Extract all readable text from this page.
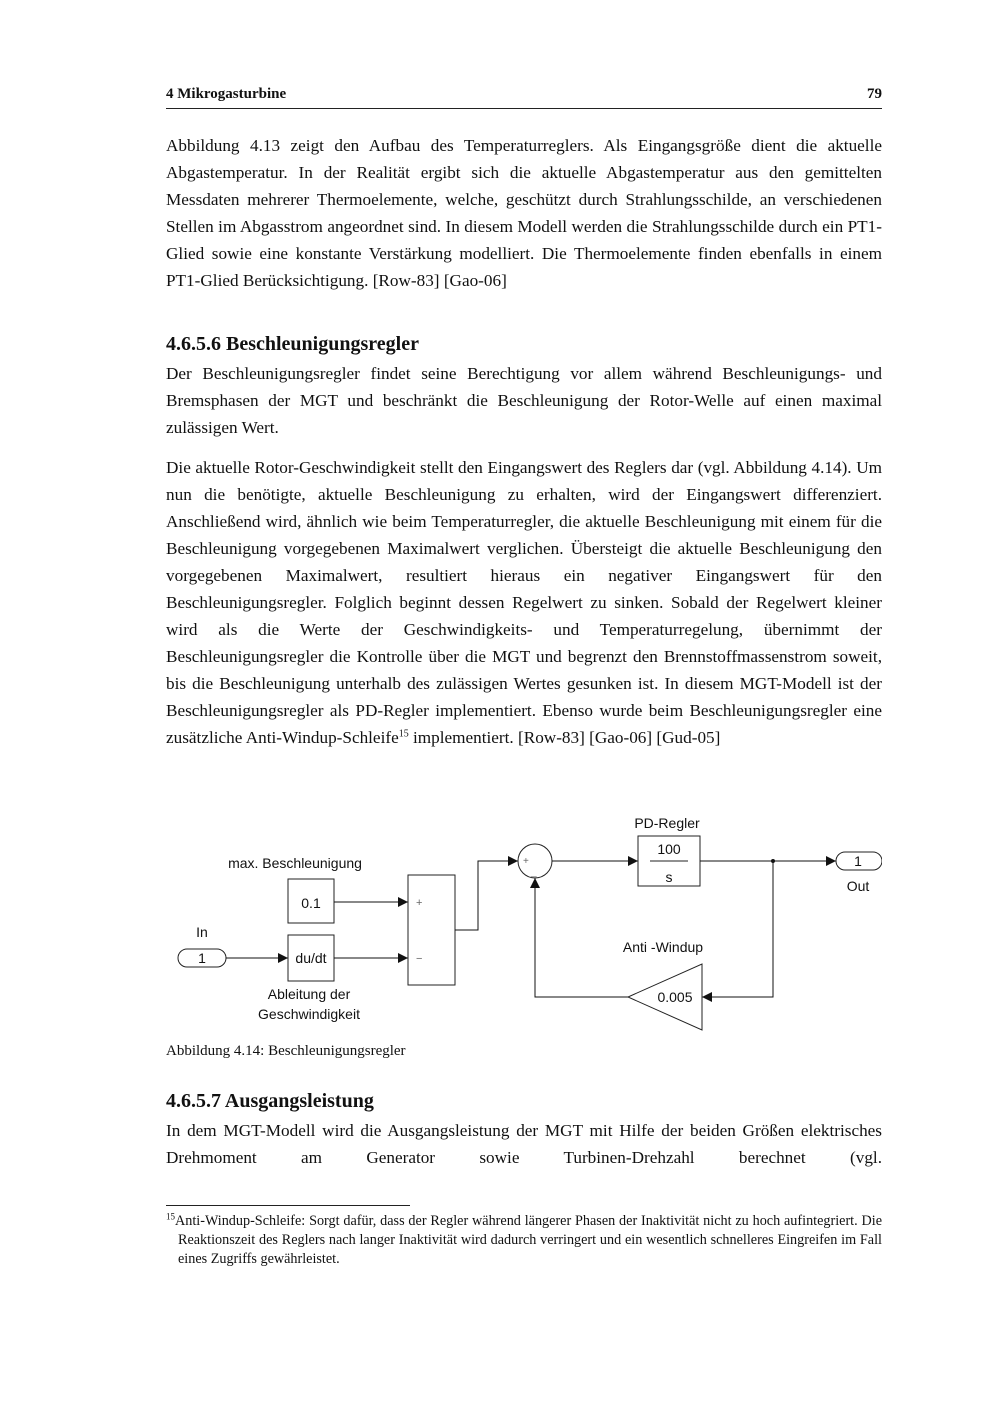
4 Mikrogasturbine	79

Abbildung 4.13 zeigt den Aufbau des Temperaturreglers. Als Eingangsgröße dient die aktuelle Abgastemperatur. In der Realität ergibt sich die aktuelle Abgastemperatur aus den gemittelten Messdaten mehrerer Thermoelemente, welche, geschützt durch Strahlungsschilde, an verschiedenen Stellen im Abgasstrom angeordnet sind. In diesem Modell werden die Strahlungsschilde durch ein PT1-Glied sowie eine konstante Verstärkung modelliert. Die Thermoelemente finden ebenfalls in einem PT1-Glied Berücksichtigung. [Row-83] [Gao-06]

4.6.5.6 Beschleunigungsregler

Der Beschleunigungsregler findet seine Berechtigung vor allem während Beschleunigungs- und Bremsphasen der MGT und beschränkt die Beschleunigung der Rotor-Welle auf einen maximal zulässigen Wert.

Die aktuelle Rotor-Geschwindigkeit stellt den Eingangswert des Reglers dar (vgl. Abbildung 4.14). Um nun die benötigte, aktuelle Beschleunigung zu erhalten, wird der Eingangswert differenziert. Anschließend wird, ähnlich wie beim Temperaturregler, die aktuelle Beschleunigung mit einem für die Beschleunigung vorgegebenen Maximalwert verglichen. Übersteigt die aktuelle Beschleunigung den vorgegebenen Maximalwert, resultiert hieraus ein negativer Eingangswert für den Beschleunigungsregler. Folglich beginnt dessen Regelwert zu sinken. Sobald der Regelwert kleiner wird als die Werte der Geschwindigkeits- und Temperaturregelung, übernimmt der Beschleunigungsregler die Kontrolle über die MGT und begrenzt den Brennstoffmassenstrom soweit, bis die Beschleunigung unterhalb des zulässigen Wertes gesunken ist. In diesem MGT-Modell ist der Beschleunigungsregler als PD-Regler implementiert. Ebenso wurde beim Beschleunigungsregler eine zusätzliche Anti-Windup-Schleife$^{15}$ implementiert. [Row-83] [Gao-06] [Gud-05]

PD-Regler
In
1	du/dt
Ableitung der
Geschwindigkeit
max. Beschleunigung
0.1	+
−
+
_
100
s
1
Out
Anti -Windup
0.005
Abbildung 4.14: Beschleunigungsregler
4.6.5.7 Ausgangsleistung

In dem MGT-Modell wird die Ausgangsleistung der MGT mit Hilfe der beiden Größen elektrisches Drehmoment am Generator sowie Turbinen-Drehzahl berechnet (vgl.

$^{15}$Anti-Windup-Schleife: Sorgt dafür, dass der Regler während längerer Phasen der Inaktivität nicht zu hoch aufintegriert. Die Reaktionszeit des Reglers nach langer Inaktivität wird dadurch verringert und ein wesentlich schnelleres Eingreifen im Fall eines Zugriffs gewährleistet.
